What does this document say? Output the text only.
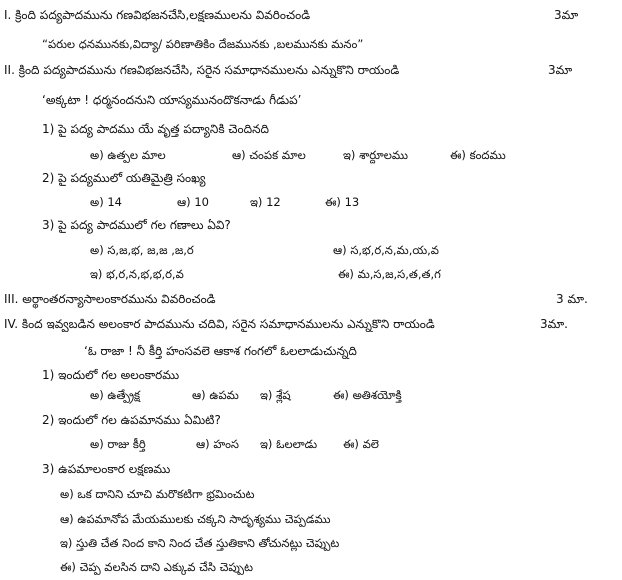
I. క్రింది పద్యపాదమును గణవిభజనచేసి,లక్షణములను వివరించండి	3మా
“పరుల ధనమునకు,విద్యా/ పరిణాతికిం దేజమునకు ,బలమునకు మనం”
II. క్రింది పద్యపాదమును గణవిభజనచేసి, సరైన సమాధానములను ఎన్నుకొని రాయండి	3మా
‘అక్కటా ! ధర్మనందనుని యాస్యమునందొకనాడు గీడుప’
1) పై పద్య పాదము యే వృత్త పద్యానికి చెందినది
అ) ఉత్పల మాల	ఆ) చంపక మాల	ఇ) శార్దూలము	ఈ) కందము
2) పై పద్యములో యతిమైత్రి సంఖ్య
అ) 14	ఆ) 10	ఇ) 12	ఈ) 13
3) పై పద్య పాదములో గల గణాలు ఏవి?
అ) స,జ,భ, జ,జ ,జ,ర	ఆ) స,భ,ర,న,మ,య,వ
ఇ) భ,ర,న,భ,భ,ర,వ	ఈ) మ,స,జ,స,త,త,గ
III. అర్థాంతరన్యాసాలంకారమును వివరించండి	3 మా.
IV. కింద ఇవ్వబడిన అలంకార పాదమును చదివి, సరైన సమాధానములను ఎన్నుకొని రాయండి	3మా.
‘ఓ రాజా ! నీ కీర్తి హంసవలె ఆకాశ గంగలో ఓలలాడుచున్నది
1) ఇందులో గల అలంకారము
అ) ఉత్ప్రేక్ష	ఆ) ఉపమ ఇ) శ్లేష	ఈ) అతిశయోక్తి
2) ఇందులో గల ఉపమానము ఏమిటి?
అ) రాజు కీర్తి	ఆ) హంస ఇ) ఓలలాడు ఈ) వలె
3) ఉపమాలంకార లక్షణము
అ) ఒక దానిని చూచి మరొకటిగా భ్రమించుట
ఆ) ఉపమానోప మేయములకు చక్కని సాదృశ్యము చెప్పడము
ఇ) స్తుతి చేత నింద కాని నింద చేత స్తుతికాని తోచునట్లు చెప్పుట
ఈ) చెప్ప వలసిన దాని ఎక్కువ చేసి చెప్పుట
